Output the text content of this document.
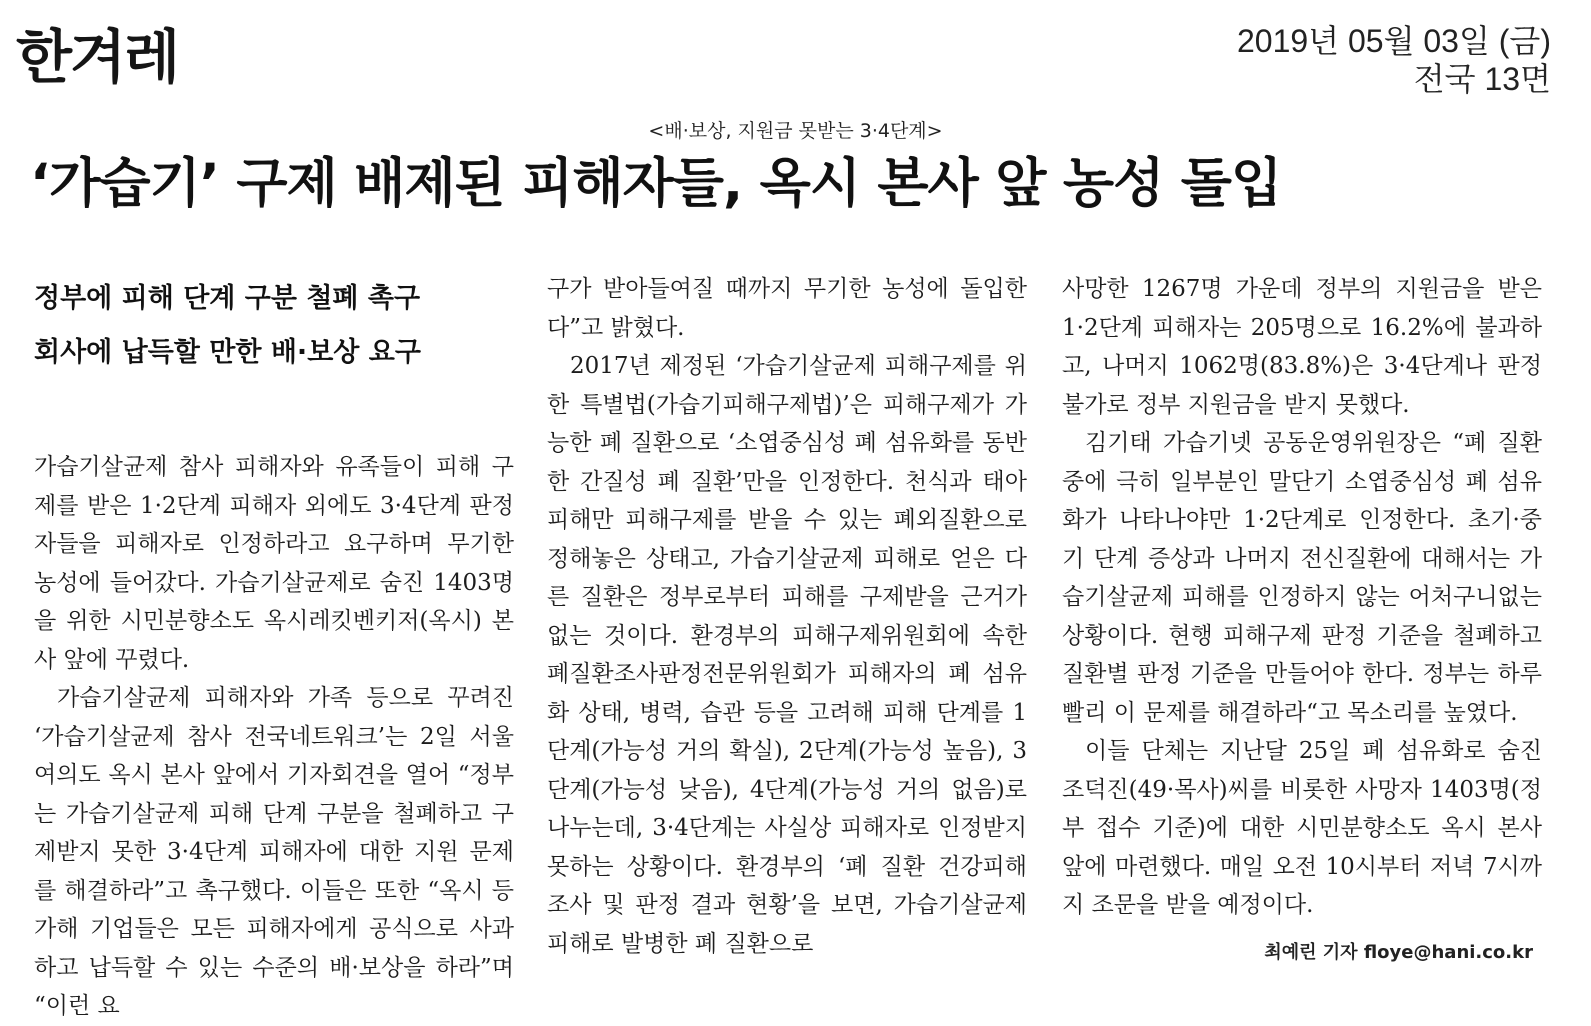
한겨레	2019년 05월 03일 (금)
전국 13면
<배·보상, 지원금 못받는 3·4단계>
‘가습기’ 구제 배제된 피해자들, 옥시 본사 앞 농성 돌입
정부에 피해 단계 구분 철폐 촉구
회사에 납득할 만한 배·보상 요구

가습기살균제 참사 피해자와 유족들이 피해 구제를 받은 1·2단계 피해자 외에도 3·4단계 판정자들을 피해자로 인정하라고 요구하며 무기한 농성에 들어갔다. 가습기살균제로 숨진 1403명을 위한 시민분향소도 옥시레킷벤키저(옥시) 본사 앞에 꾸렸다.

가습기살균제 피해자와 가족 등으로 꾸려진 ‘가습기살균제 참사 전국네트워크’는 2일 서울 여의도 옥시 본사 앞에서 기자회견을 열어 “정부는 가습기살균제 피해 단계 구분을 철폐하고 구제받지 못한 3·4단계 피해자에 대한 지원 문제를 해결하라”고 촉구했다. 이들은 또한 “옥시 등 가해 기업들은 모든 피해자에게 공식으로 사과하고 납득할 수 있는 수준의 배·보상을 하라”며 “이런 요

구가 받아들여질 때까지 무기한 농성에 돌입한다”고 밝혔다.

2017년 제정된 ‘가습기살균제 피해구제를 위한 특별법(가습기피해구제법)’은 피해구제가 가능한 폐 질환으로 ‘소엽중심성 폐 섬유화를 동반한 간질성 폐 질환’만을 인정한다. 천식과 태아 피해만 피해구제를 받을 수 있는 폐외질환으로 정해놓은 상태고, 가습기살균제 피해로 얻은 다른 질환은 정부로부터 피해를 구제받을 근거가 없는 것이다. 환경부의 피해구제위원회에 속한 폐질환조사판정전문위원회가 피해자의 폐 섬유화 상태, 병력, 습관 등을 고려해 피해 단계를 1단계(가능성 거의 확실), 2단계(가능성 높음), 3단계(가능성 낮음), 4단계(가능성 거의 없음)로 나누는데, 3·4단계는 사실상 피해자로 인정받지 못하는 상황이다. 환경부의 ‘폐 질환 건강피해 조사 및 판정 결과 현황’을 보면, 가습기살균제 피해로 발병한 폐 질환으로

사망한 1267명 가운데 정부의 지원금을 받은 1·2단계 피해자는 205명으로 16.2%에 불과하고, 나머지 1062명(83.8%)은 3·4단계나 판정불가로 정부 지원금을 받지 못했다.

김기태 가습기넷 공동운영위원장은 “폐 질환 중에 극히 일부분인 말단기 소엽중심성 폐 섬유화가 나타나야만 1·2단계로 인정한다. 초기·중기 단계 증상과 나머지 전신질환에 대해서는 가습기살균제 피해를 인정하지 않는 어처구니없는 상황이다. 현행 피해구제 판정 기준을 철폐하고 질환별 판정 기준을 만들어야 한다. 정부는 하루빨리 이 문제를 해결하라“고 목소리를 높였다.

이들 단체는 지난달 25일 폐 섬유화로 숨진 조덕진(49·목사)씨를 비롯한 사망자 1403명(정부 접수 기준)에 대한 시민분향소도 옥시 본사 앞에 마련했다. 매일 오전 10시부터 저녁 7시까지 조문을 받을 예정이다.

최예린 기자 floye@hani.co.kr
